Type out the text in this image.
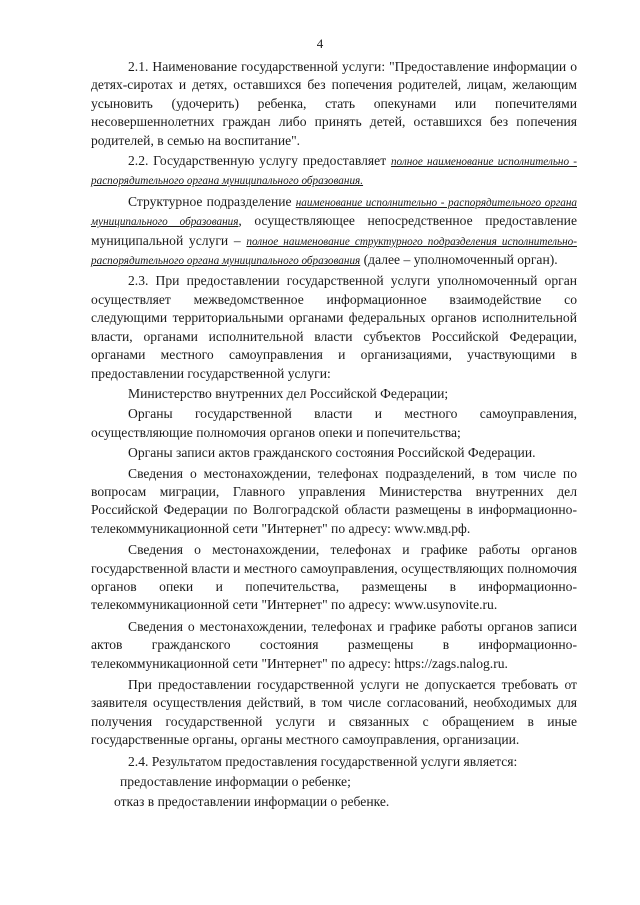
4

2.1. Наименование государственной услуги: "Предоставление информации о детях-сиротах и детях, оставшихся без попечения родителей, лицам, желающим усыновить (удочерить) ребенка, стать опекунами или попечителями несовершеннолетних граждан либо принять детей, оставшихся без попечения родителей, в семью на воспитание".

2.2. Государственную услугу предоставляет полное наименование исполнительно - распорядительного органа муниципального образования.

Структурное подразделение наименование исполнительно - распорядительного органа муниципального образования, осуществляющее непосредственное предоставление муниципальной услуги – полное наименование структурного подразделения исполнительно-распорядительного органа муниципального образования (далее – уполномоченный орган).

2.3. При предоставлении государственной услуги уполномоченный орган осуществляет межведомственное информационное взаимодействие со следующими территориальными органами федеральных органов исполнительной власти, органами исполнительной власти субъектов Российской Федерации, органами местного самоуправления и организациями, участвующими в предоставлении государственной услуги:

Министерство внутренних дел Российской Федерации;

Органы государственной власти и местного самоуправления, осуществляющие полномочия органов опеки и попечительства;

Органы записи актов гражданского состояния Российской Федерации.

Сведения о местонахождении, телефонах подразделений, в том числе по вопросам миграции, Главного управления Министерства внутренних дел Российской Федерации по Волгоградской области размещены в информационно-телекоммуникационной сети "Интернет" по адресу: www.мвд.рф.

Сведения о местонахождении, телефонах и графике работы органов государственной власти и местного самоуправления, осуществляющих полномочия органов опеки и попечительства, размещены в информационно-телекоммуникационной сети "Интернет" по адресу: www.usynovite.ru.

Сведения о местонахождении, телефонах и графике работы органов записи актов гражданского состояния размещены в информационно-телекоммуникационной сети "Интернет" по адресу: https://zags.nalog.ru.

При предоставлении государственной услуги не допускается требовать от заявителя осуществления действий, в том числе согласований, необходимых для получения государственной услуги и связанных с обращением в иные государственные органы, органы местного самоуправления, организации.

2.4. Результатом предоставления государственной услуги является:

предоставление информации о ребенке;

отказ в предоставлении информации о ребенке.
